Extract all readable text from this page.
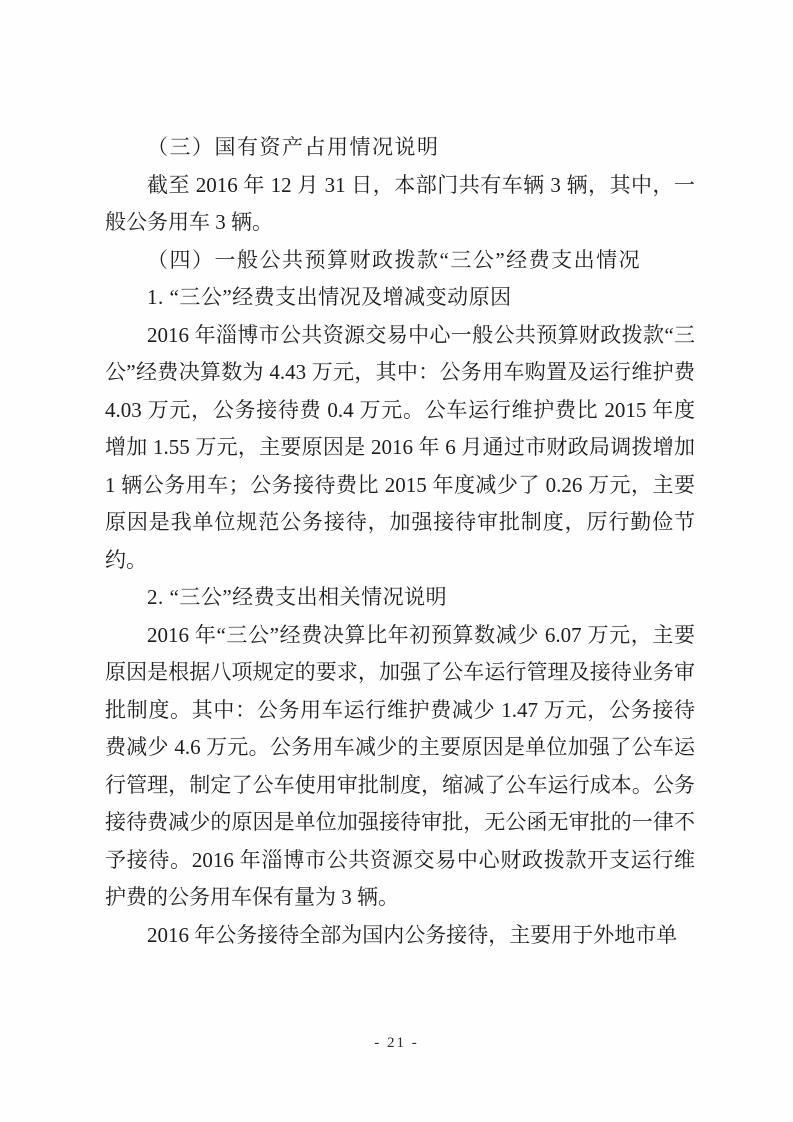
（三）国有资产占用情况说明

截至 2016 年 12 月 31 日，本部门共有车辆 3 辆，其中，一般公务用车 3 辆。

（四）一般公共预算财政拨款“三公”经费支出情况

1. “三公”经费支出情况及增减变动原因

2016 年淄博市公共资源交易中心一般公共预算财政拨款“三公”经费决算数为 4.43 万元，其中：公务用车购置及运行维护费 4.03 万元，公务接待费 0.4 万元。公车运行维护费比 2015 年度增加 1.55 万元，主要原因是 2016 年 6 月通过市财政局调拨增加 1 辆公务用车；公务接待费比 2015 年度减少了 0.26 万元，主要原因是我单位规范公务接待，加强接待审批制度，厉行勤俭节约。

2. “三公”经费支出相关情况说明

2016 年“三公”经费决算比年初预算数减少 6.07 万元，主要原因是根据八项规定的要求，加强了公车运行管理及接待业务审批制度。其中：公务用车运行维护费减少 1.47 万元，公务接待费减少 4.6 万元。公务用车减少的主要原因是单位加强了公车运行管理，制定了公车使用审批制度，缩减了公车运行成本。公务接待费减少的原因是单位加强接待审批，无公函无审批的一律不予接待。2016 年淄博市公共资源交易中心财政拨款开支运行维护费的公务用车保有量为 3 辆。

2016 年公务接待全部为国内公务接待，主要用于外地市单

- 21 -
